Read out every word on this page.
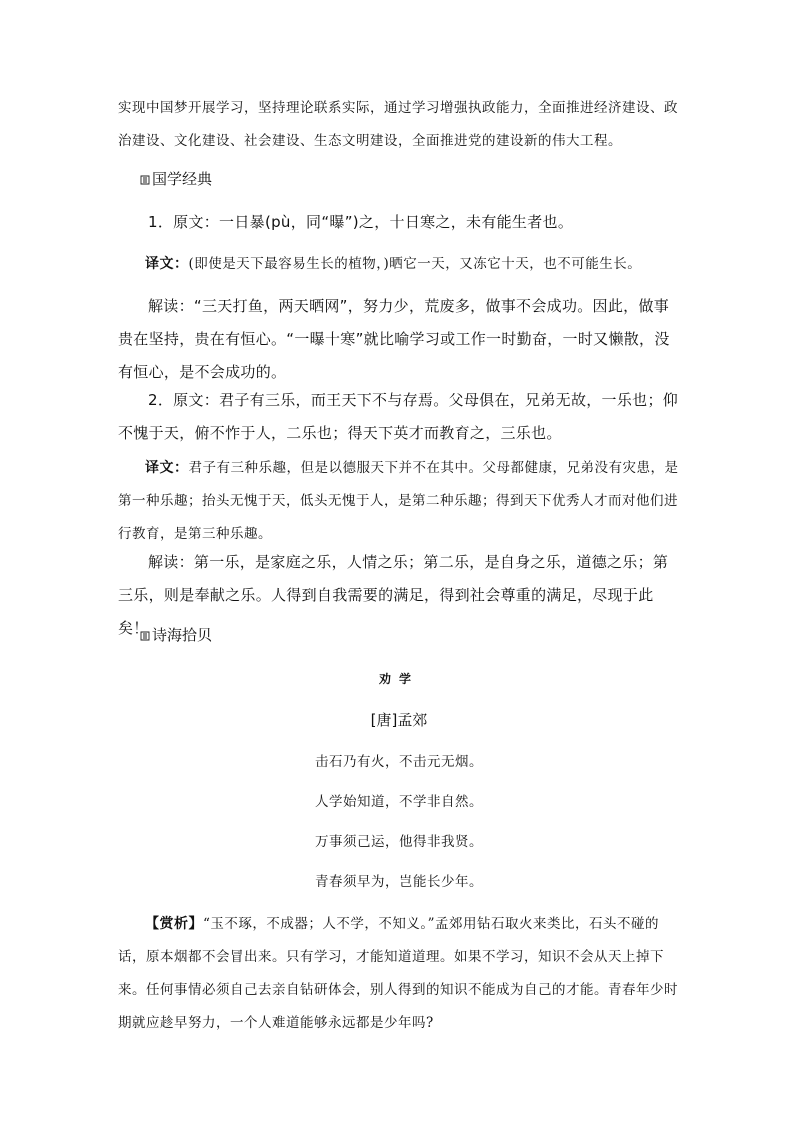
实现中国梦开展学习，坚持理论联系实际，通过学习增强执政能力，全面推进经济建设、政治建设、文化建设、社会建设、生态文明建设，全面推进党的建设新的伟大工程。

国学经典

1．原文：一日暴(pù，同“曝”)之，十日寒之，未有能生者也。

译文：(即使是天下最容易生长的植物，)晒它一天，又冻它十天，也不可能生长。

解读：“三天打鱼，两天晒网”，努力少，荒废多，做事不会成功。因此，做事贵在坚持，贵在有恒心。“一曝十寒”就比喻学习或工作一时勤奋，一时又懒散，没有恒心，是不会成功的。

2．原文：君子有三乐，而王天下不与存焉。父母俱在，兄弟无故，一乐也；仰不愧于天，俯不怍于人，二乐也；得天下英才而教育之，三乐也。

译文：君子有三种乐趣，但是以德服天下并不在其中。父母都健康，兄弟没有灾患，是第一种乐趣；抬头无愧于天，低头无愧于人，是第二种乐趣；得到天下优秀人才而对他们进行教育，是第三种乐趣。

解读：第一乐，是家庭之乐，人情之乐；第二乐，是自身之乐，道德之乐；第三乐，则是奉献之乐。人得到自我需要的满足，得到社会尊重的满足，尽现于此矣！ 诗海拾贝

劝学

[唐]孟郊

击石乃有火，不击元无烟。

人学始知道，不学非自然。

万事须己运，他得非我贤。

青春须早为，岂能长少年。

【赏析】“玉不琢，不成器；人不学，不知义。”孟郊用钻石取火来类比，石头不碰的话，原本烟都不会冒出来。只有学习，才能知道道理。如果不学习，知识不会从天上掉下来。任何事情必须自己去亲自钻研体会，别人得到的知识不能成为自己的才能。青春年少时期就应趁早努力，一个人难道能够永远都是少年吗?
